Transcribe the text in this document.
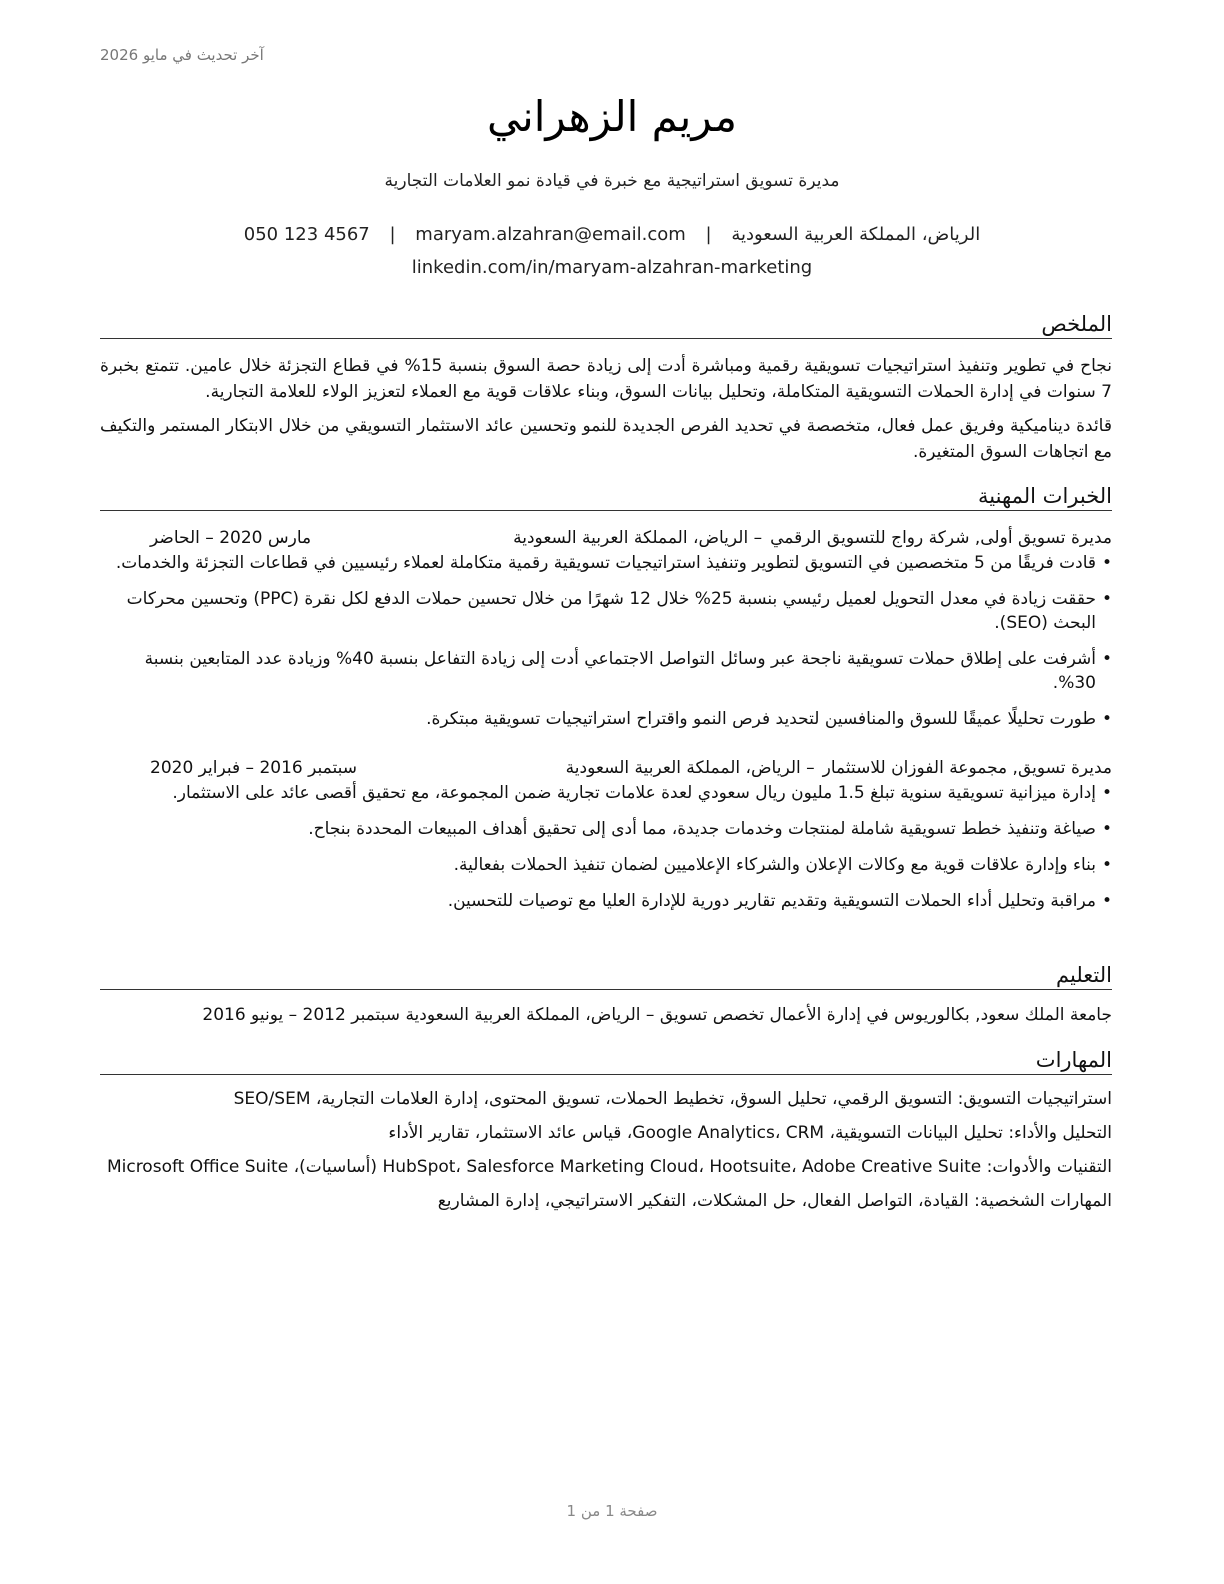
آخر تحديث في مايو 2026
مريم الزهراني
مديرة تسويق استراتيجية مع خبرة في قيادة نمو العلامات التجارية
الرياض، المملكة العربية السعودية | maryam.alzahran@email.com | 050 123 4567
linkedin.com/in/maryam-alzahran-marketing
الملخص

نجاح في تطوير وتنفيذ استراتيجيات تسويقية رقمية ومباشرة أدت إلى زيادة حصة السوق بنسبة 15% في قطاع التجزئة خلال عامين. تتمتع بخبرة 7 سنوات في إدارة الحملات التسويقية المتكاملة، وتحليل بيانات السوق، وبناء علاقات قوية مع العملاء لتعزيز الولاء للعلامة التجارية.

قائدة ديناميكية وفريق عمل فعال، متخصصة في تحديد الفرص الجديدة للنمو وتحسين عائد الاستثمار التسويقي من خلال الابتكار المستمر والتكيف مع اتجاهات السوق المتغيرة.

الخبرات المهنية
مديرة تسويق أولى, شركة رواج للتسويق الرقمي
– الرياض، المملكة العربية السعودية
مارس 2020 – الحاضر
• قادت فريقًا من 5 متخصصين في التسويق لتطوير وتنفيذ استراتيجيات تسويقية رقمية متكاملة لعملاء رئيسيين في قطاعات التجزئة والخدمات.
• حققت زيادة في معدل التحويل لعميل رئيسي بنسبة 25% خلال 12 شهرًا من خلال تحسين حملات الدفع لكل نقرة (PPC) وتحسين محركات البحث (SEO).
• أشرفت على إطلاق حملات تسويقية ناجحة عبر وسائل التواصل الاجتماعي أدت إلى زيادة التفاعل بنسبة 40% وزيادة عدد المتابعين بنسبة 30%.
• طورت تحليلًا عميقًا للسوق والمنافسين لتحديد فرص النمو واقتراح استراتيجيات تسويقية مبتكرة.
مديرة تسويق, مجموعة الفوزان للاستثمار
– الرياض، المملكة العربية السعودية
سبتمبر 2016 – فبراير 2020
• إدارة ميزانية تسويقية سنوية تبلغ 1.5 مليون ريال سعودي لعدة علامات تجارية ضمن المجموعة، مع تحقيق أقصى عائد على الاستثمار.
• صياغة وتنفيذ خطط تسويقية شاملة لمنتجات وخدمات جديدة، مما أدى إلى تحقيق أهداف المبيعات المحددة بنجاح.
• بناء وإدارة علاقات قوية مع وكالات الإعلان والشركاء الإعلاميين لضمان تنفيذ الحملات بفعالية.
• مراقبة وتحليل أداء الحملات التسويقية وتقديم تقارير دورية للإدارة العليا مع توصيات للتحسين.
التعليم
جامعة الملك سعود, بكالوريوس في إدارة الأعمال تخصص تسويق – الرياض، المملكة العربية السعودية سبتمبر 2012 – يونيو 2016
المهارات
استراتيجيات التسويق: التسويق الرقمي، تحليل السوق، تخطيط الحملات، تسويق المحتوى، إدارة العلامات التجارية، SEO/SEM
التحليل والأداء: تحليل البيانات التسويقية، Google Analytics، CRM، قياس عائد الاستثمار، تقارير الأداء
التقنيات والأدوات: HubSpot، Salesforce Marketing Cloud، Hootsuite، Adobe Creative Suite (أساسيات)، Microsoft Office Suite
المهارات الشخصية: القيادة، التواصل الفعال، حل المشكلات، التفكير الاستراتيجي، إدارة المشاريع
صفحة 1 من 1
